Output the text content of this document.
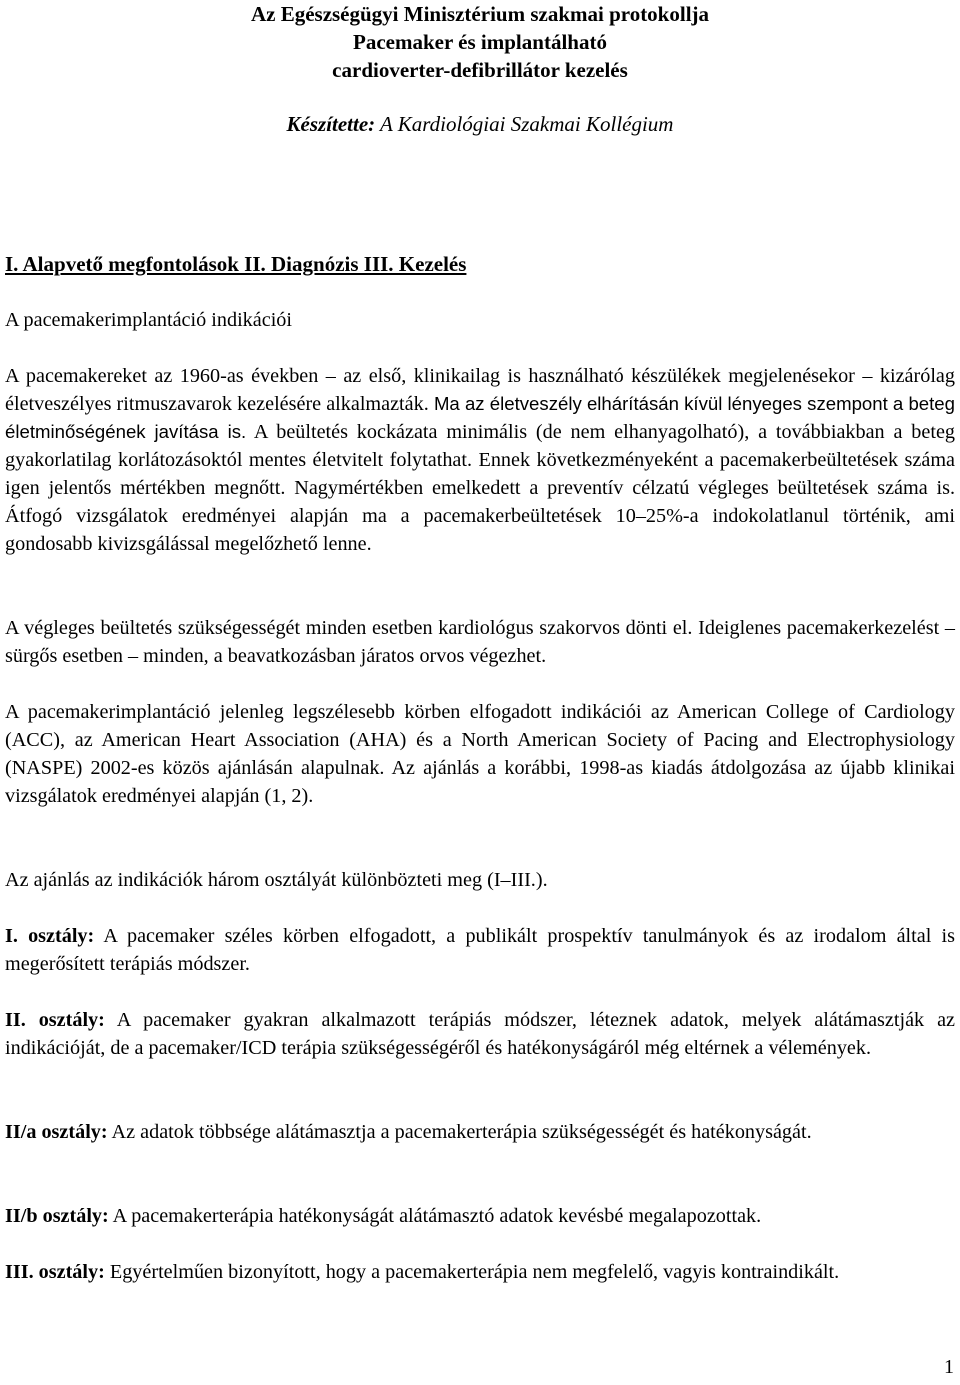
Az Egészségügyi Minisztérium szakmai protokollja
Pacemaker és implantálható
cardioverter-defibrillátor kezelés
Készítette: A Kardiológiai Szakmai Kollégium
I. Alapvető megfontolások II. Diagnózis III. Kezelés
A pacemakerimplantáció indikációi
A pacemakereket az 1960-as években – az első, klinikailag is használható készülékek megjelenésekor – kizárólag életveszélyes ritmuszavarok kezelésére alkalmazták. Ma az életveszély elhárításán kívül lényeges szempont a beteg életminőségének javítása is. A beültetés kockázata minimális (de nem elhanyagolható), a továbbiakban a beteg gyakorlatilag korlátozásoktól mentes életvitelt folytathat. Ennek következményeként a pacemakerbeültetések száma igen jelentős mértékben megnőtt. Nagymértékben emelkedett a preventív célzatú végleges beültetések száma is. Átfogó vizsgálatok eredményei alapján ma a pacemakerbeültetések 10–25%-a indokolatlanul történik, ami gondosabb kivizsgálással megelőzhető lenne.
A végleges beültetés szükségességét minden esetben kardiológus szakorvos dönti el. Ideiglenes pacemakerkezelést – sürgős esetben – minden, a beavatkozásban járatos orvos végezhet.
A pacemakerimplantáció jelenleg legszélesebb körben elfogadott indikációi az American College of Cardiology (ACC), az American Heart Association (AHA) és a North American Society of Pacing and Electrophysiology (NASPE) 2002-es közös ajánlásán alapulnak. Az ajánlás a korábbi, 1998-as kiadás átdolgozása az újabb klinikai vizsgálatok eredményei alapján (1, 2).
Az ajánlás az indikációk három osztályát különbözteti meg (I–III.).
I. osztály: A pacemaker széles körben elfogadott, a publikált prospektív tanulmányok és az irodalom által is megerősített terápiás módszer.
II. osztály: A pacemaker gyakran alkalmazott terápiás módszer, léteznek adatok, melyek alátámasztják az indikációját, de a pacemaker/ICD terápia szükségességéről és hatékonyságáról még eltérnek a vélemények.
II/a osztály: Az adatok többsége alátámasztja a pacemakerterápia szükségességét és hatékonyságát.
II/b osztály: A pacemakerterápia hatékonyságát alátámasztó adatok kevésbé megalapozottak.
III. osztály: Egyértelműen bizonyított, hogy a pacemakerterápia nem megfelelő, vagyis kontraindikált.
1
